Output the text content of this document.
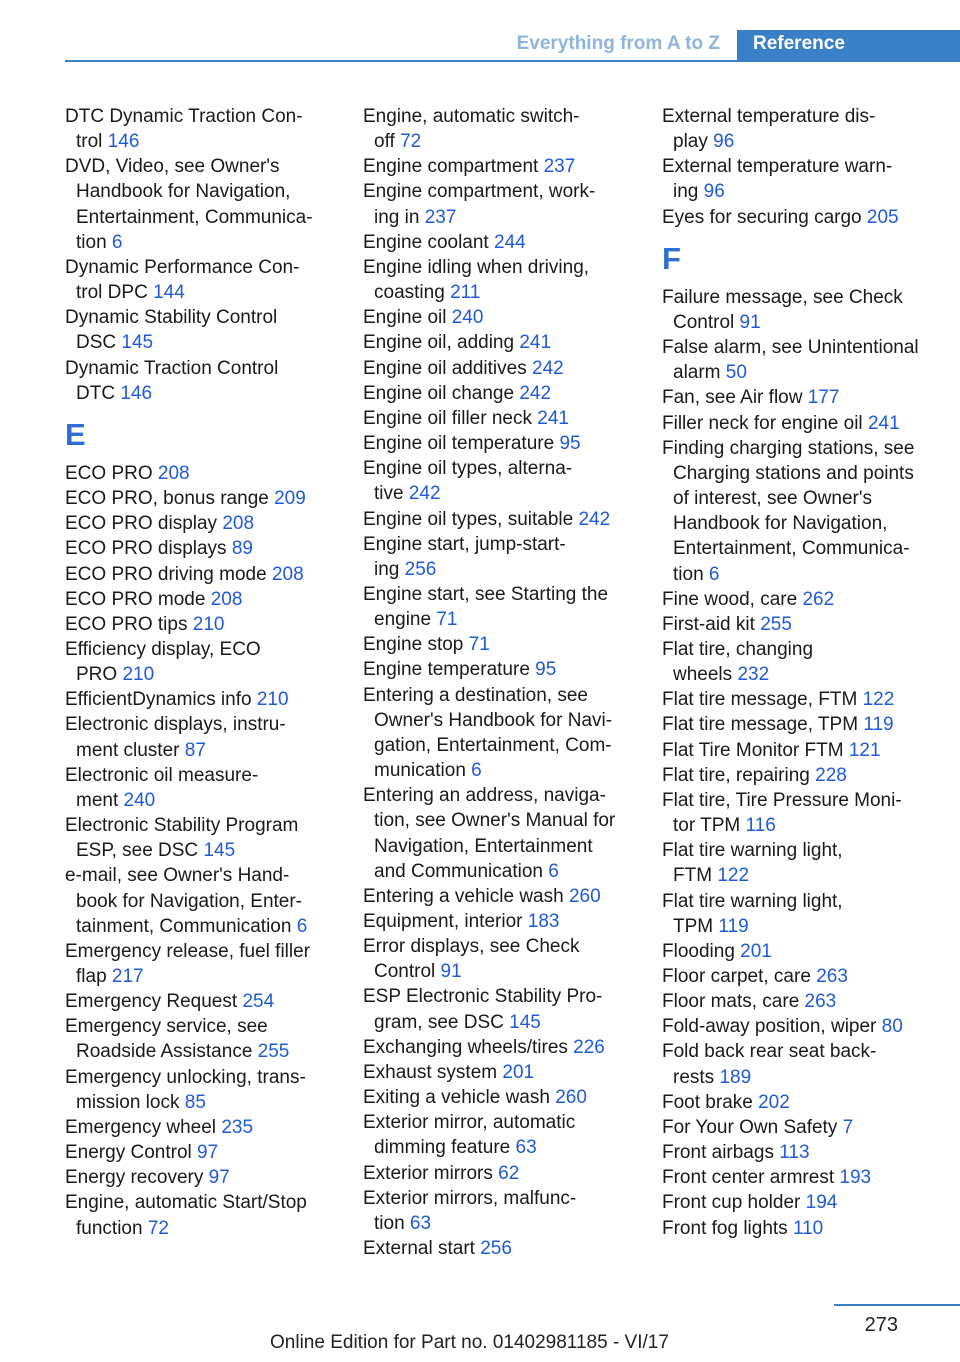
Everything from A to Z	Reference
DTC Dynamic Traction Con-
trol 146
DVD, Video, see Owner's
Handbook for Navigation,
Entertainment, Communica-
tion 6
Dynamic Performance Con-
trol DPC 144
Dynamic Stability Control
DSC 145
Dynamic Traction Control
DTC 146
E
ECO PRO 208
ECO PRO, bonus range 209
ECO PRO display 208
ECO PRO displays 89
ECO PRO driving mode 208
ECO PRO mode 208
ECO PRO tips 210
Efficiency display, ECO
PRO 210
EfficientDynamics info 210
Electronic displays, instru-
ment cluster 87
Electronic oil measure-
ment 240
Electronic Stability Program
ESP, see DSC 145
e-mail, see Owner's Hand-
book for Navigation, Enter-
tainment, Communication 6
Emergency release, fuel filler
flap 217
Emergency Request 254
Emergency service, see
Roadside Assistance 255
Emergency unlocking, trans-
mission lock 85
Emergency wheel 235
Energy Control 97
Energy recovery 97
Engine, automatic Start/Stop
function 72
Engine, automatic switch-
off 72
Engine compartment 237
Engine compartment, work-
ing in 237
Engine coolant 244
Engine idling when driving,
coasting 211
Engine oil 240
Engine oil, adding 241
Engine oil additives 242
Engine oil change 242
Engine oil filler neck 241
Engine oil temperature 95
Engine oil types, alterna-
tive 242
Engine oil types, suitable 242
Engine start, jump-start-
ing 256
Engine start, see Starting the
engine 71
Engine stop 71
Engine temperature 95
Entering a destination, see
Owner's Handbook for Navi-
gation, Entertainment, Com-
munication 6
Entering an address, naviga-
tion, see Owner's Manual for
Navigation, Entertainment
and Communication 6
Entering a vehicle wash 260
Equipment, interior 183
Error displays, see Check
Control 91
ESP Electronic Stability Pro-
gram, see DSC 145
Exchanging wheels/tires 226
Exhaust system 201
Exiting a vehicle wash 260
Exterior mirror, automatic
dimming feature 63
Exterior mirrors 62
Exterior mirrors, malfunc-
tion 63
External start 256
External temperature dis-
play 96
External temperature warn-
ing 96
Eyes for securing cargo 205
F
Failure message, see Check
Control 91
False alarm, see Unintentional
alarm 50
Fan, see Air flow 177
Filler neck for engine oil 241
Finding charging stations, see
Charging stations and points
of interest, see Owner's
Handbook for Navigation,
Entertainment, Communica-
tion 6
Fine wood, care 262
First-aid kit 255
Flat tire, changing
wheels 232
Flat tire message, FTM 122
Flat tire message, TPM 119
Flat Tire Monitor FTM 121
Flat tire, repairing 228
Flat tire, Tire Pressure Moni-
tor TPM 116
Flat tire warning light,
FTM 122
Flat tire warning light,
TPM 119
Flooding 201
Floor carpet, care 263
Floor mats, care 263
Fold-away position, wiper 80
Fold back rear seat back-
rests 189
Foot brake 202
For Your Own Safety 7
Front airbags 113
Front center armrest 193
Front cup holder 194
Front fog lights 110
273
Online Edition for Part no. 01402981185 - VI/17
